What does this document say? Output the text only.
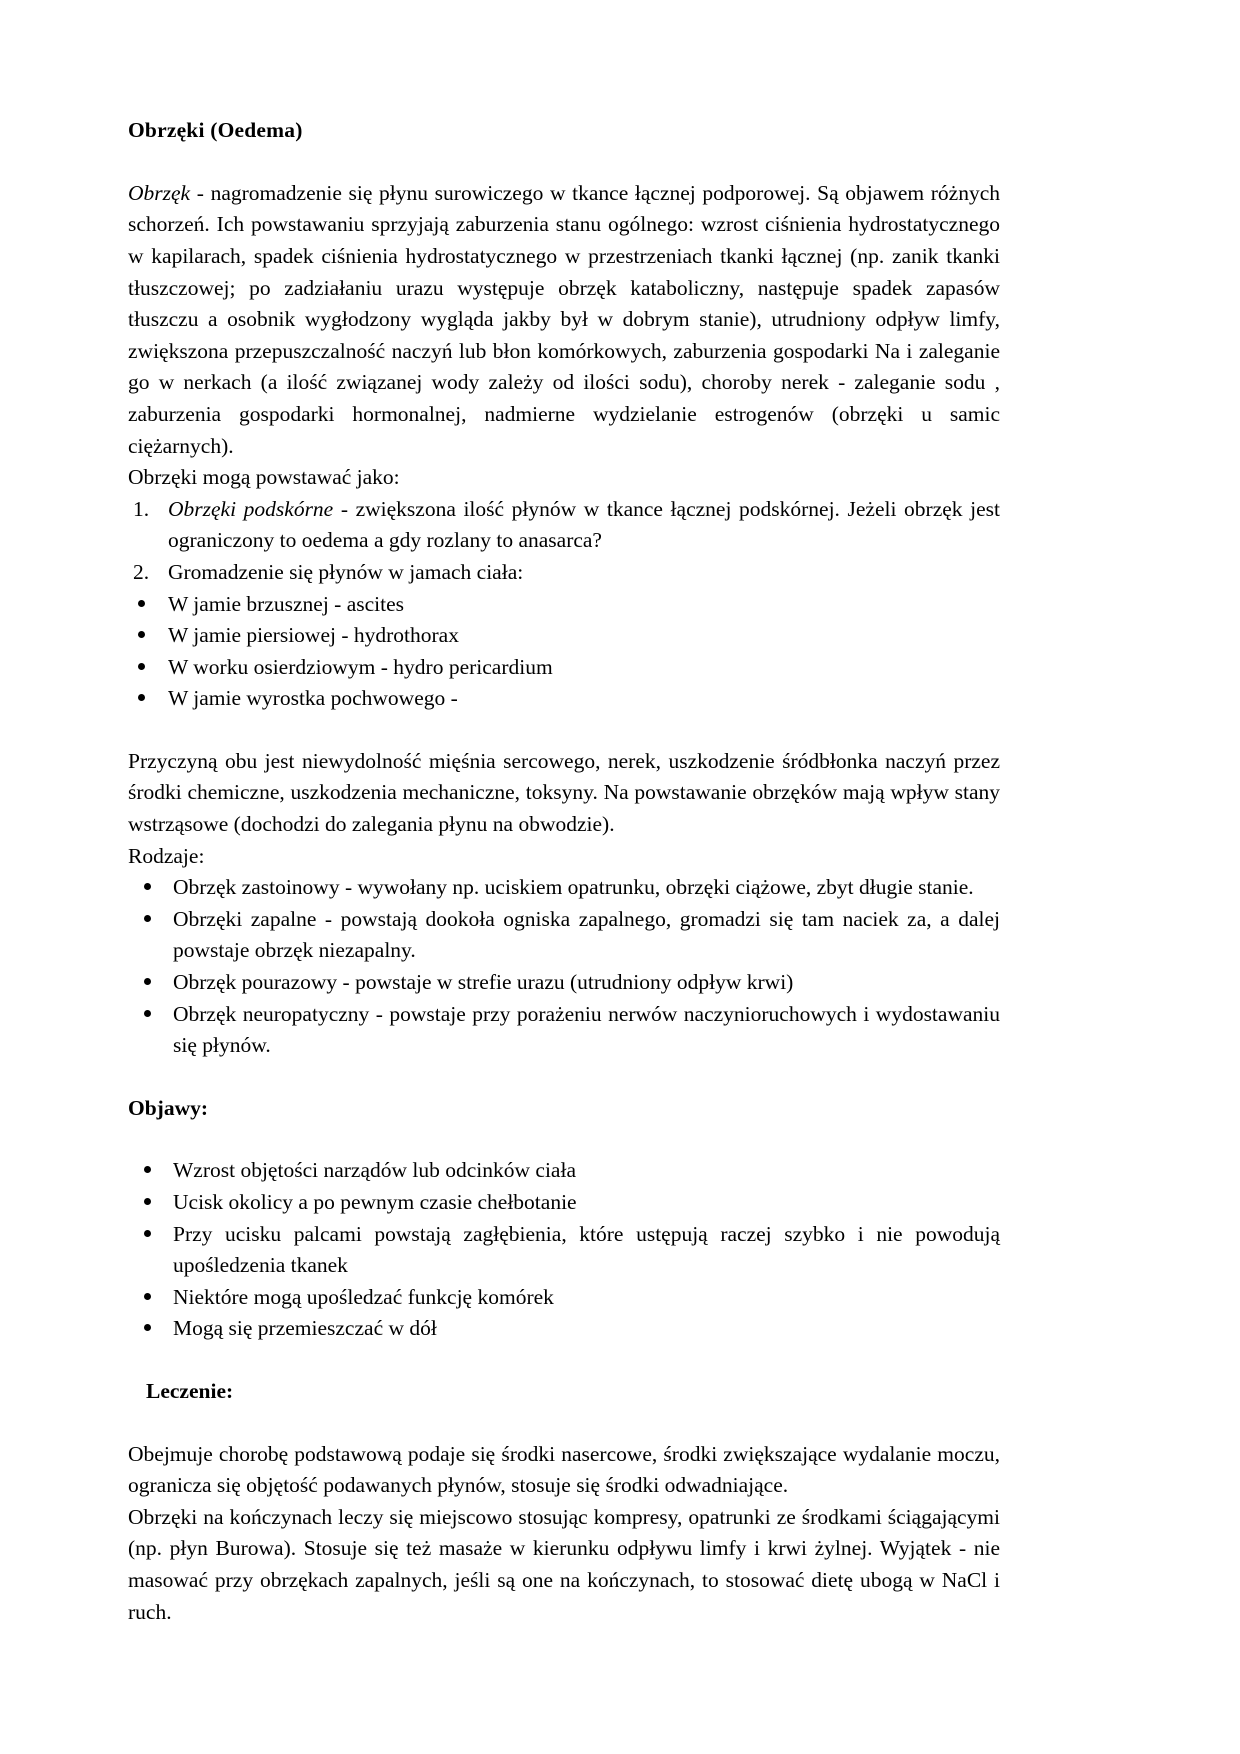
Obrzęki (Oedema)

Obrzęk - nagromadzenie się płynu surowiczego w tkance łącznej podporowej. Są objawem różnych schorzeń. Ich powstawaniu sprzyjają zaburzenia stanu ogólnego: wzrost ciśnienia hydrostatycznego w kapilarach, spadek ciśnienia hydrostatycznego w przestrzeniach tkanki łącznej (np. zanik tkanki tłuszczowej; po zadziałaniu urazu występuje obrzęk kataboliczny, następuje spadek zapasów tłuszczu a osobnik wygłodzony wygląda jakby był w dobrym stanie), utrudniony odpływ limfy, zwiększona przepuszczalność naczyń lub błon komórkowych, zaburzenia gospodarki Na i zaleganie go w nerkach (a ilość związanej wody zależy od ilości sodu), choroby nerek - zaleganie sodu , zaburzenia gospodarki hormonalnej, nadmierne wydzielanie estrogenów (obrzęki u samic ciężarnych).

Obrzęki mogą powstawać jako:

1. Obrzęki podskórne - zwiększona ilość płynów w tkance łącznej podskórnej. Jeżeli obrzęk jest ograniczony to oedema a gdy rozlany to anasarca?
2. Gromadzenie się płynów w jamach ciała:
W jamie brzusznej - ascites
W jamie piersiowej - hydrothorax
W worku osierdziowym - hydro pericardium
W jamie wyrostka pochwowego -

Przyczyną obu jest niewydolność mięśnia sercowego, nerek, uszkodzenie śródbłonka naczyń przez środki chemiczne, uszkodzenia mechaniczne, toksyny. Na powstawanie obrzęków mają wpływ stany wstrząsowe (dochodzi do zalegania płynu na obwodzie).

Rodzaje:

Obrzęk zastoinowy - wywołany np. uciskiem opatrunku, obrzęki ciążowe, zbyt długie stanie.
Obrzęki zapalne - powstają dookoła ogniska zapalnego, gromadzi się tam naciek za, a dalej powstaje obrzęk niezapalny.
Obrzęk pourazowy - powstaje w strefie urazu (utrudniony odpływ krwi)
Obrzęk neuropatyczny - powstaje przy porażeniu nerwów naczynioruchowych i wydostawaniu się płynów.

Objawy:

Wzrost objętości narządów lub odcinków ciała
Ucisk okolicy a po pewnym czasie chełbotanie
Przy ucisku palcami powstają zagłębienia, które ustępują raczej szybko i nie powodują upośledzenia tkanek
Niektóre mogą upośledzać funkcję komórek
Mogą się przemieszczać w dół

Leczenie:

Obejmuje chorobę podstawową podaje się środki nasercowe, środki zwiększające wydalanie moczu, ogranicza się objętość podawanych płynów, stosuje się środki odwadniające.

Obrzęki na kończynach leczy się miejscowo stosując kompresy, opatrunki ze środkami ściągającymi (np. płyn Burowa). Stosuje się też masaże w kierunku odpływu limfy i krwi żylnej. Wyjątek - nie masować przy obrzękach zapalnych, jeśli są one na kończynach, to stosować dietę ubogą w NaCl i ruch.
